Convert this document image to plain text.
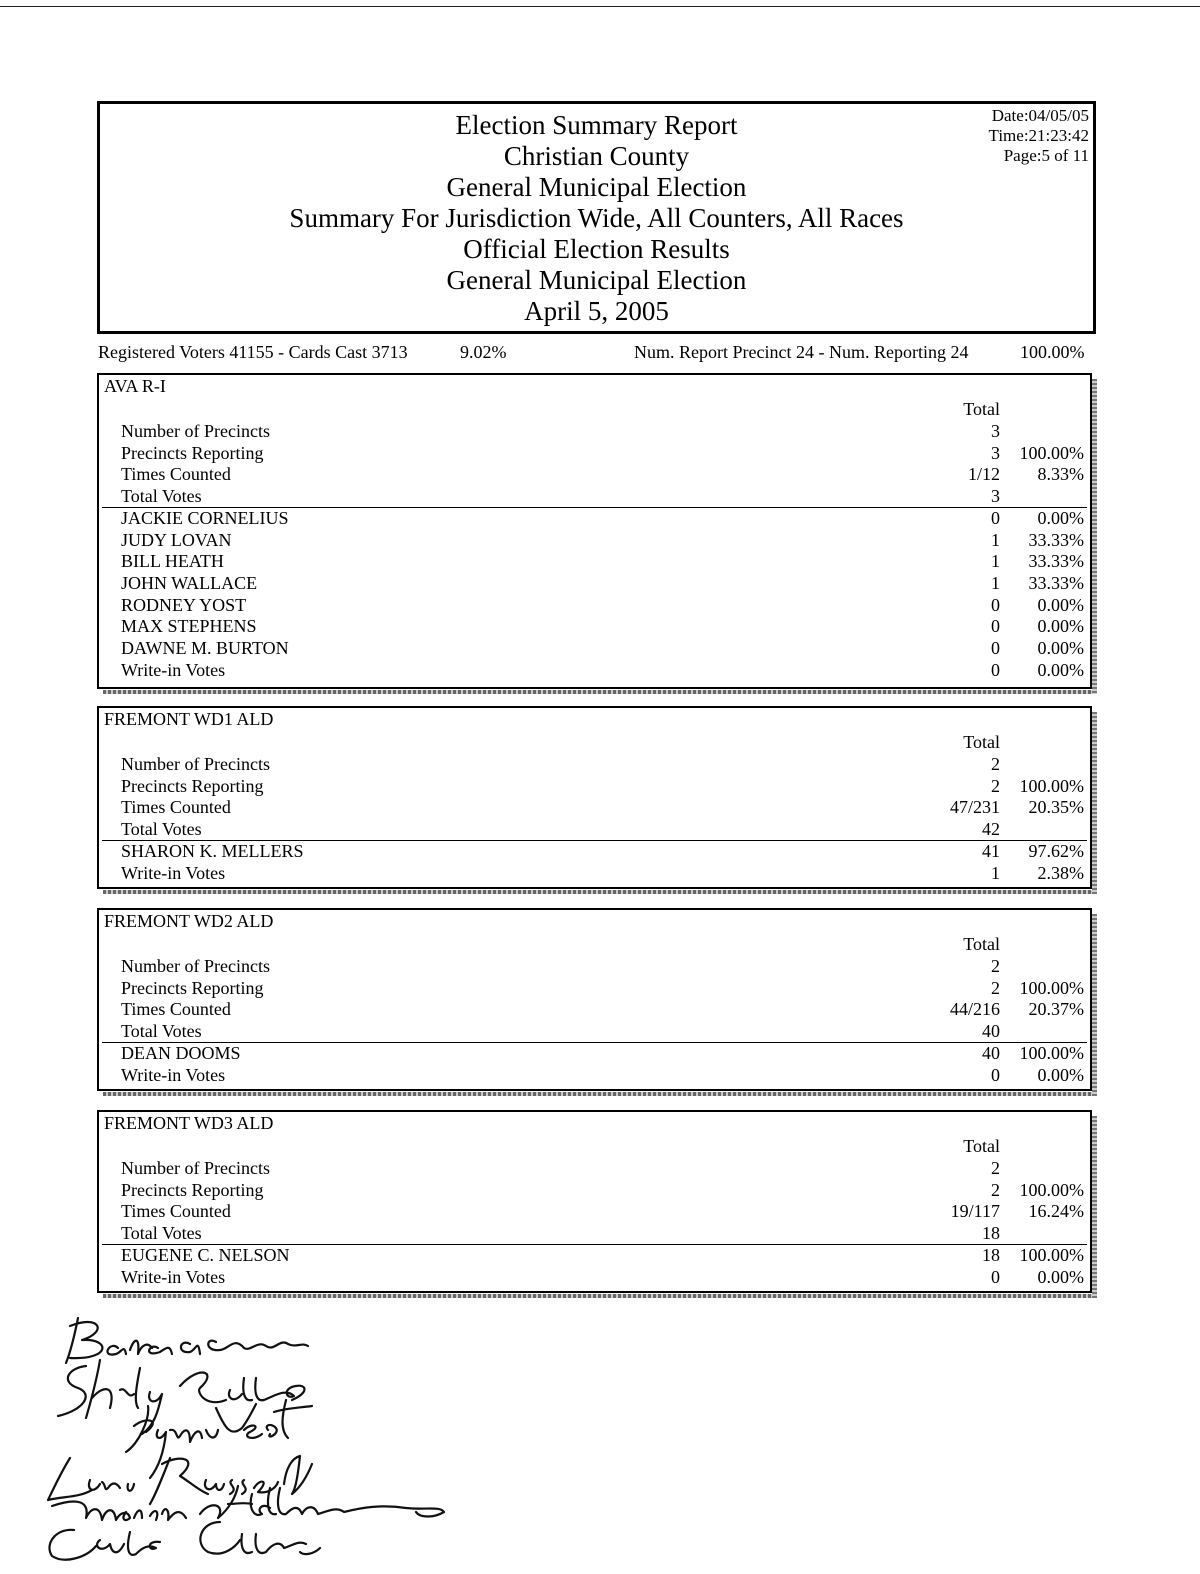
Election Summary Report
Christian County
General Municipal Election
Summary For Jurisdiction Wide, All Counters, All Races
Official Election Results
General Municipal Election
April 5, 2005
Date:04/05/05
Time:21:23:42
Page:5 of 11
Registered Voters 41155 - Cards Cast 3713	9.02%	Num. Report Precinct 24 - Num. Reporting 24	100.00%
AVA R-I
Total
Number of Precincts	3
Precincts Reporting	3 100.00%
Times Counted	1/12 8.33%
Total Votes	3
JACKIE CORNELIUS	0 0.00%
JUDY LOVAN	1 33.33%
BILL HEATH	1 33.33%
JOHN WALLACE	1 33.33%
RODNEY YOST	0 0.00%
MAX STEPHENS	0 0.00%
DAWNE M. BURTON	0 0.00%
Write-in Votes	0 0.00%
FREMONT WD1 ALD
Total
Number of Precincts	2
Precincts Reporting	2 100.00%
Times Counted	47/231 20.35%
Total Votes	42
SHARON K. MELLERS	41 97.62%
Write-in Votes	1 2.38%
FREMONT WD2 ALD
Total
Number of Precincts	2
Precincts Reporting	2 100.00%
Times Counted	44/216 20.37%
Total Votes	40
DEAN DOOMS	40 100.00%
Write-in Votes	0 0.00%
FREMONT WD3 ALD
Total
Number of Precincts	2
Precincts Reporting	2 100.00%
Times Counted	19/117 16.24%
Total Votes	18
EUGENE C. NELSON	18 100.00%
Write-in Votes	0 0.00%
